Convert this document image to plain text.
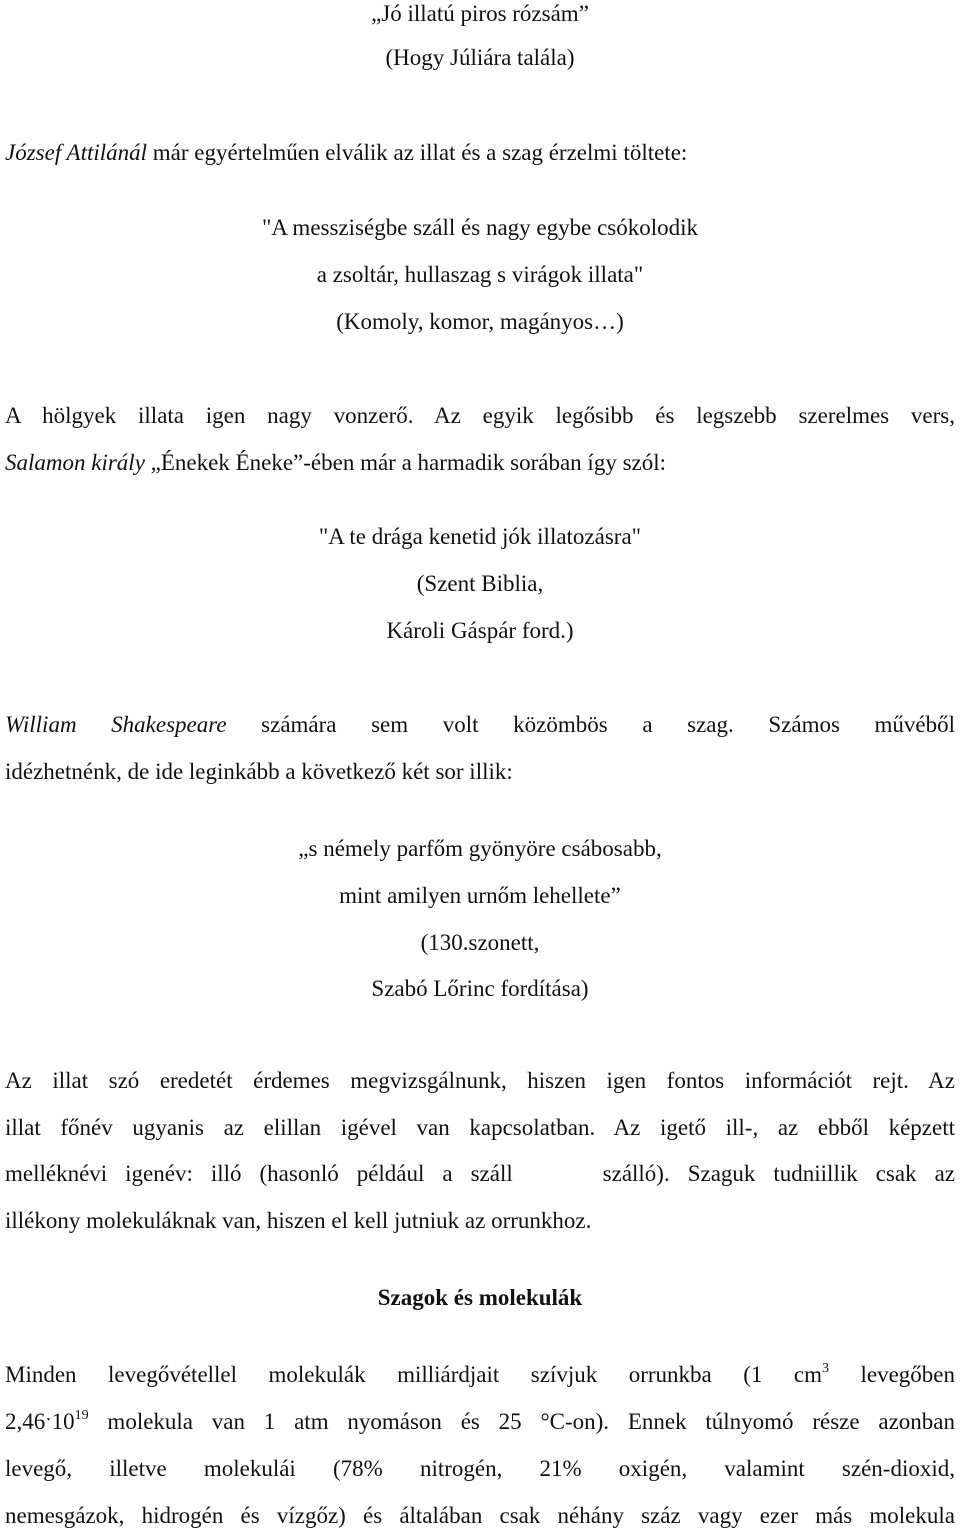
„Jó illatú piros rózsám”
(Hogy Júliára talála)
József Attilánál már egyértelműen elválik az illat és a szag érzelmi töltete:
"A messziségbe száll és nagy egybe csókolodik
a zsoltár, hullaszag s virágok illata"
(Komoly, komor, magányos…)
A hölgyek illata igen nagy vonzerő. Az egyik legősibb és legszebb szerelmes vers,
Salamon király „Énekek Éneke”-ében már a harmadik sorában így szól:
"A te drága kenetid jók illatozásra"
(Szent Biblia,
Károli Gáspár ford.)
William Shakespeare számára sem volt közömbös a szag. Számos művéből
idézhetnénk, de ide leginkább a következő két sor illik:
„s némely parfőm gyönyöre csábosabb,
mint amilyen urnőm lehellete”
(130.szonett,
Szabó Lőrinc fordítása)
Az illat szó eredetét érdemes megvizsgálnunk, hiszen igen fontos információt rejt. Az
illat főnév ugyanis az elillan igével van kapcsolatban. Az igető ill-, az ebből képzett
melléknévi igenév: illó (hasonló például a száll     szálló). Szaguk tudniillik csak az
illékony molekuláknak van, hiszen el kell jutniuk az orrunkhoz.
Szagok és molekulák
Minden levegővétellel molekulák milliárdjait szívjuk orrunkba (1 $cm^3$ levegőben
$2,46ˑ10^{19}$ molekula van 1 atm nyomáson és 25 °C-on). Ennek túlnyomó része azonban
levegő, illetve molekulái (78% nitrogén, 21% oxigén, valamint szén-dioxid,
nemesgázok, hidrogén és vízgőz) és általában csak néhány száz vagy ezer más molekula
